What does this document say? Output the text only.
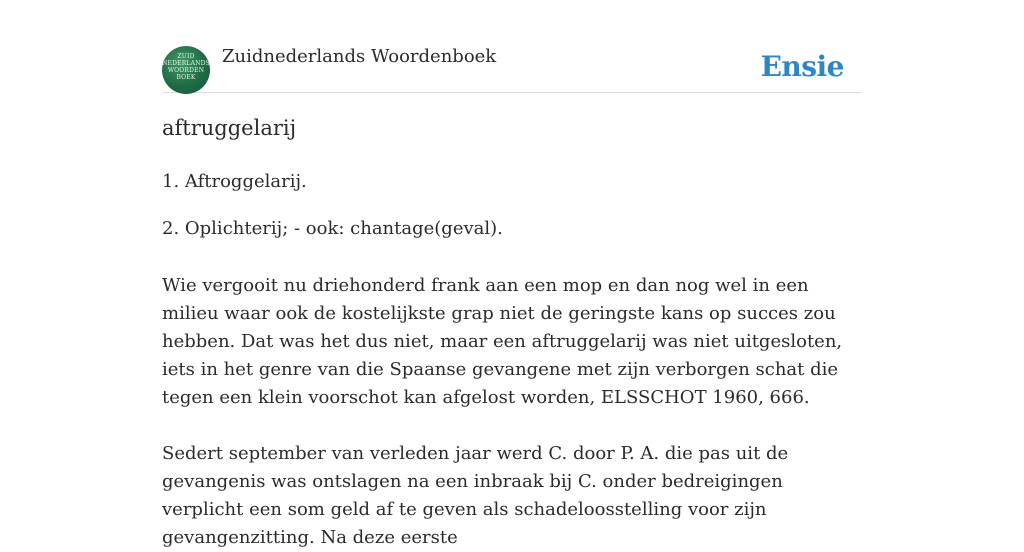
ZUID NEDERLANDS WOORDEN BOEK
Zuidnederlands Woordenboek	Ensie
aftruggelarij
1. Aftroggelarij.
2. Oplichterij; - ook: chantage(geval).

Wie vergooit nu driehonderd frank aan een mop en dan nog wel in een milieu waar ook de kostelijkste grap niet de geringste kans op succes zou hebben. Dat was het dus niet, maar een aftruggelarij was niet uitgesloten, iets in het genre van die Spaanse gevangene met zijn verborgen schat die tegen een klein voorschot kan afgelost worden, ELSSCHOT 1960, 666.

Sedert september van verleden jaar werd C. door P. A. die pas uit de gevangenis was ontslagen na een inbraak bij C. onder bedreigingen verplicht een som geld af te geven als schadeloosstelling voor zijn gevangenzitting. Na deze eerste
